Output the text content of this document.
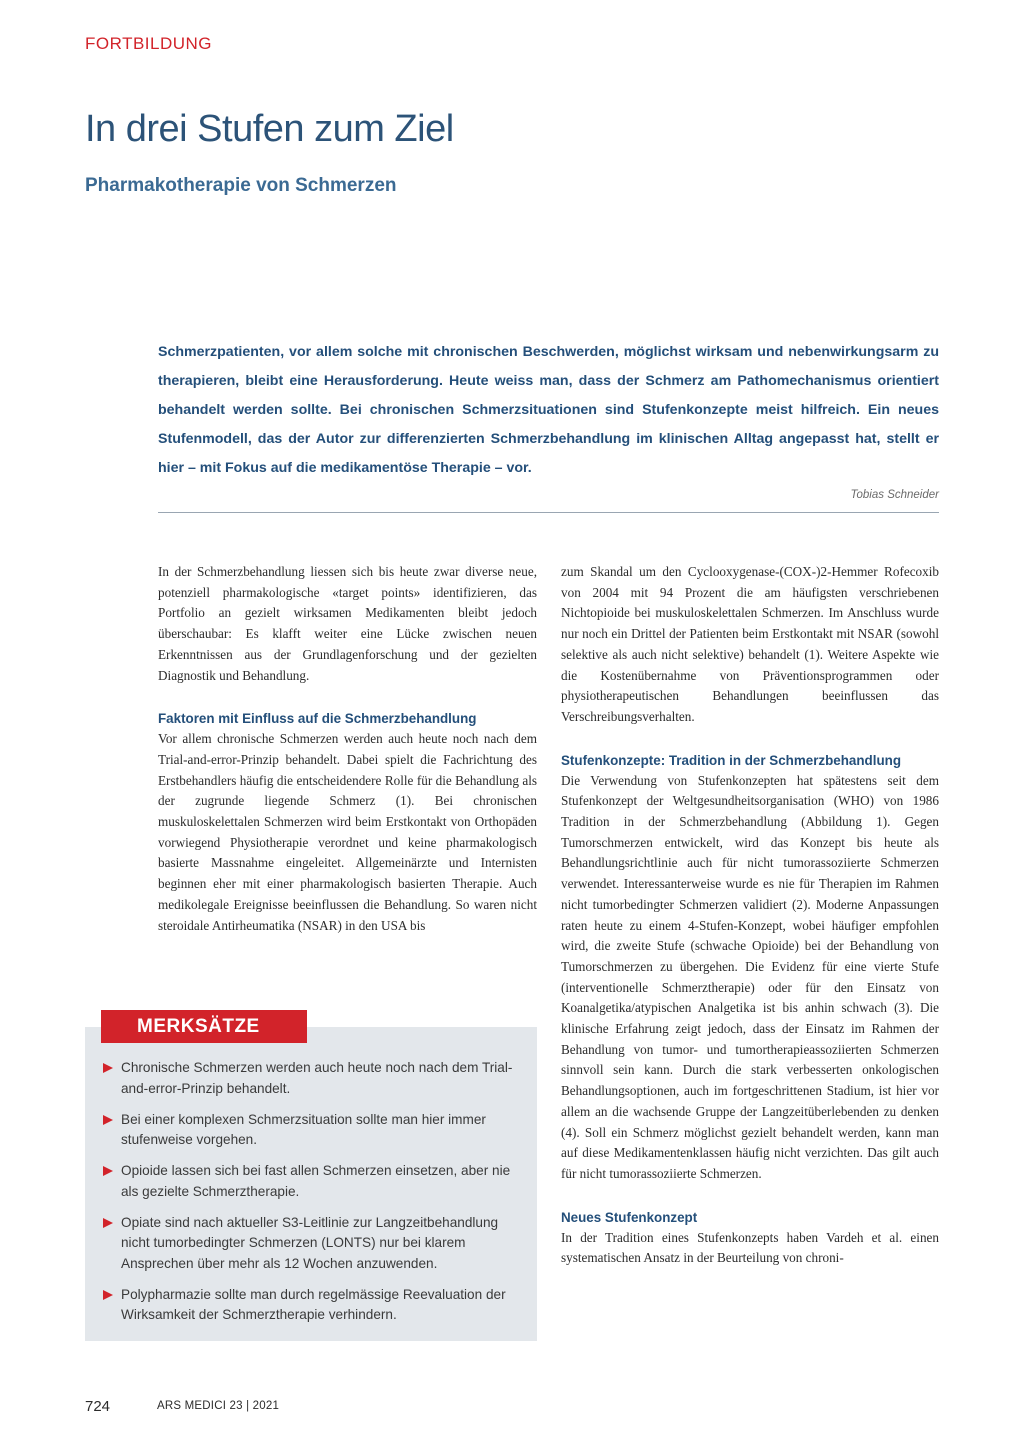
FORTBILDUNG
In drei Stufen zum Ziel
Pharmakotherapie von Schmerzen

Schmerzpatienten, vor allem solche mit chronischen Beschwerden, möglichst wirksam und nebenwirkungsarm zu therapieren, bleibt eine Herausforderung. Heute weiss man, dass der Schmerz am Pathomechanismus orientiert behandelt werden sollte. Bei chronischen Schmerzsituationen sind Stufenkonzepte meist hilfreich. Ein neues Stufenmodell, das der Autor zur differenzierten Schmerzbehandlung im klinischen Alltag angepasst hat, stellt er hier – mit Fokus auf die medikamentöse Therapie – vor.

Tobias Schneider

In der Schmerzbehandlung liessen sich bis heute zwar diverse neue, potenziell pharmakologische «target points» identifizieren, das Portfolio an gezielt wirksamen Medikamenten bleibt jedoch überschaubar: Es klafft weiter eine Lücke zwischen neuen Erkenntnissen aus der Grundlagenforschung und der gezielten Diagnostik und Behandlung.

Faktoren mit Einfluss auf die Schmerzbehandlung

Vor allem chronische Schmerzen werden auch heute noch nach dem Trial-and-error-Prinzip behandelt. Dabei spielt die Fachrichtung des Erstbehandlers häufig die entscheidendere Rolle für die Behandlung als der zugrunde liegende Schmerz (1). Bei chronischen muskuloskelettalen Schmerzen wird beim Erstkontakt von Orthopäden vorwiegend Physiotherapie verordnet und keine pharmakologisch basierte Massnahme eingeleitet. Allgemeinärzte und Internisten beginnen eher mit einer pharmakologisch basierten Therapie. Auch medikolegale Ereignisse beeinflussen die Behandlung. So waren nicht steroidale Antirheumatika (NSAR) in den USA bis

zum Skandal um den Cyclooxygenase-(COX-)2-Hemmer Rofecoxib von 2004 mit 94 Prozent die am häufigsten verschriebenen Nichtopioide bei muskuloskelettalen Schmerzen. Im Anschluss wurde nur noch ein Drittel der Patienten beim Erstkontakt mit NSAR (sowohl selektive als auch nicht selektive) behandelt (1). Weitere Aspekte wie die Kostenübernahme von Präventionsprogrammen oder physiotherapeutischen Behandlungen beeinflussen das Verschreibungsverhalten.

Stufenkonzepte: Tradition in der Schmerzbehandlung

Die Verwendung von Stufenkonzepten hat spätestens seit dem Stufenkonzept der Weltgesundheitsorganisation (WHO) von 1986 Tradition in der Schmerzbehandlung (Abbildung 1). Gegen Tumorschmerzen entwickelt, wird das Konzept bis heute als Behandlungsrichtlinie auch für nicht tumorassoziierte Schmerzen verwendet. Interessanterweise wurde es nie für Therapien im Rahmen nicht tumorbedingter Schmerzen validiert (2). Moderne Anpassungen raten heute zu einem 4-Stufen-Konzept, wobei häufiger empfohlen wird, die zweite Stufe (schwache Opioide) bei der Behandlung von Tumorschmerzen zu übergehen. Die Evidenz für eine vierte Stufe (interventionelle Schmerztherapie) oder für den Einsatz von Koanalgetika/atypischen Analgetika ist bis anhin schwach (3). Die klinische Erfahrung zeigt jedoch, dass der Einsatz im Rahmen der Behandlung von tumor- und tumortherapieassoziierten Schmerzen sinnvoll sein kann. Durch die stark verbesserten onkologischen Behandlungsoptionen, auch im fortgeschrittenen Stadium, ist hier vor allem an die wachsende Gruppe der Langzeitüberlebenden zu denken (4). Soll ein Schmerz möglichst gezielt behandelt werden, kann man auf diese Medikamentenklassen häufig nicht verzichten. Das gilt auch für nicht tumorassoziierte Schmerzen.

Neues Stufenkonzept

In der Tradition eines Stufenkonzepts haben Vardeh et al. einen systematischen Ansatz in der Beurteilung von chroni-

MERKSÄTZE
Chronische Schmerzen werden auch heute noch nach dem Trial-and-error-Prinzip behandelt.
Bei einer komplexen Schmerzsituation sollte man hier immer stufenweise vorgehen.
Opioide lassen sich bei fast allen Schmerzen einsetzen, aber nie als gezielte Schmerztherapie.
Opiate sind nach aktueller S3-Leitlinie zur Langzeitbehandlung nicht tumorbedingter Schmerzen (LONTS) nur bei klarem Ansprechen über mehr als 12 Wochen anzuwenden.
Polypharmazie sollte man durch regelmässige Reevaluation der Wirksamkeit der Schmerztherapie verhindern.
724	ARS MEDICI 23 | 2021
